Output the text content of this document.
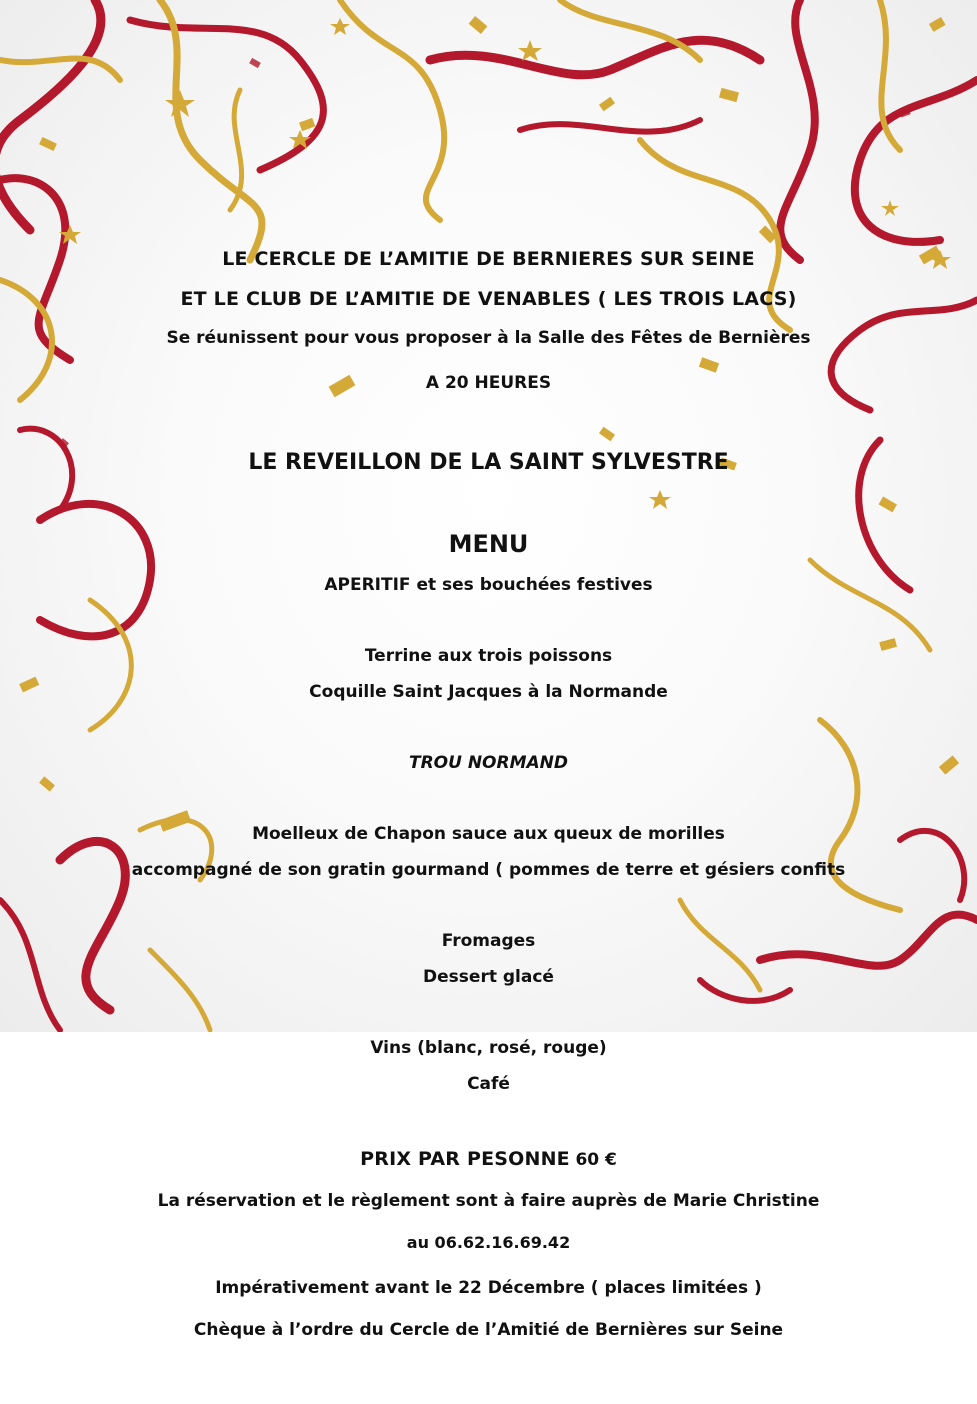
LE CERCLE DE L’AMITIE DE BERNIERES SUR SEINE
ET LE CLUB DE L’AMITIE DE VENABLES ( LES TROIS LACS)
Se réunissent pour vous proposer à la Salle des Fêtes de Bernières
A 20 HEURES
LE REVEILLON DE LA SAINT SYLVESTRE
MENU
APERITIF et ses bouchées festives
Terrine aux trois poissons
Coquille Saint Jacques à la Normande
TROU NORMAND
Moelleux de Chapon sauce aux queux de morilles
accompagné de son gratin gourmand ( pommes de terre et gésiers confits
Fromages
Dessert glacé
Vins (blanc, rosé, rouge)
Café
PRIX PAR PESONNE 60 €
La réservation et le règlement sont à faire auprès de Marie Christine
au 06.62.16.69.42
Impérativement avant le 22 Décembre ( places limitées )
Chèque à l’ordre du Cercle de l’Amitié de Bernières sur Seine
